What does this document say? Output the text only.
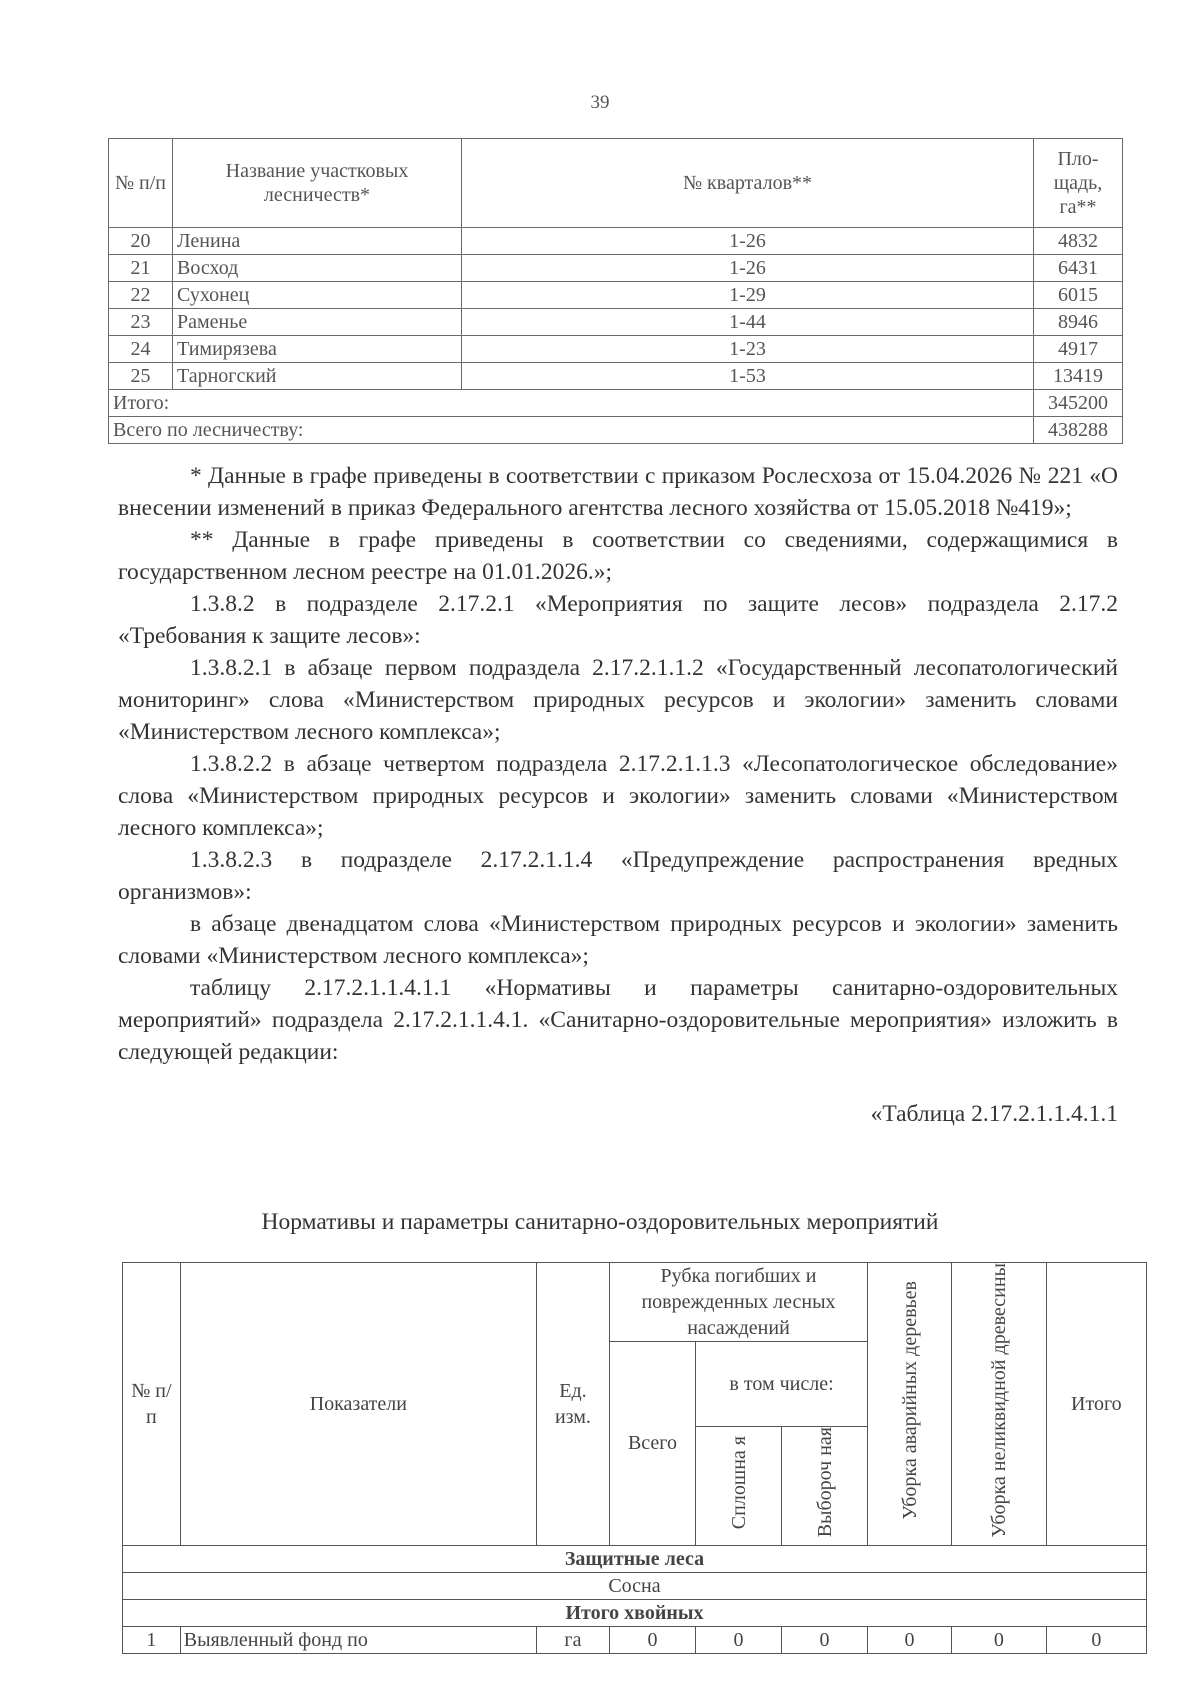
39
№ п/п	Название участковых лесничеств*	№ кварталов**	Пло-щадь, га**
20	Ленина	1-26	4832
21	Восход	1-26	6431
22	Сухонец	1-29	6015
23	Раменье	1-44	8946
24	Тимирязева	1-23	4917
25	Тарногский	1-53	13419
Итого:			345200
Всего по лесничеству:			438288

* Данные в графе приведены в соответствии с приказом Рослесхоза от 15.04.2026 № 221 «О внесении изменений в приказ Федерального агентства лесного хозяйства от 15.05.2018 №419»;

** Данные в графе приведены в соответствии со сведениями, содержащимися в государственном лесном реестре на 01.01.2026.»;

1.3.8.2 в подразделе 2.17.2.1 «Мероприятия по защите лесов» подраздела 2.17.2 «Требования к защите лесов»:

1.3.8.2.1 в абзаце первом подраздела 2.17.2.1.1.2 «Государственный лесопатологический мониторинг» слова «Министерством природных ресурсов и экологии» заменить словами «Министерством лесного комплекса»;

1.3.8.2.2 в абзаце четвертом подраздела 2.17.2.1.1.3 «Лесопатологическое обследование» слова «Министерством природных ресурсов и экологии» заменить словами «Министерством лесного комплекса»;

1.3.8.2.3 в подразделе 2.17.2.1.1.4 «Предупреждение распространения вредных организмов»:

в абзаце двенадцатом слова «Министерством природных ресурсов и экологии» заменить словами «Министерством лесного комплекса»;

таблицу 2.17.2.1.1.4.1.1 «Нормативы и параметры санитарно-оздоровительных мероприятий» подраздела 2.17.2.1.1.4.1. «Санитарно-оздоровительные мероприятия» изложить в следующей редакции:

«Таблица 2.17.2.1.1.4.1.1

Нормативы и параметры санитарно-оздоровительных мероприятий
№ п/п	Показатели	Ед. изм.	Рубка погибших и поврежденных лесных насаждений			Уборка аварийных деревьев	Уборка неликвидной древесины	Итого
			Всего	в том числе:				
				Сплошна я	Выбороч ная			
Защитные леса								
Сосна								
Итого хвойных								
1	Выявленный фонд по	га	0	0	0	0	0	0
